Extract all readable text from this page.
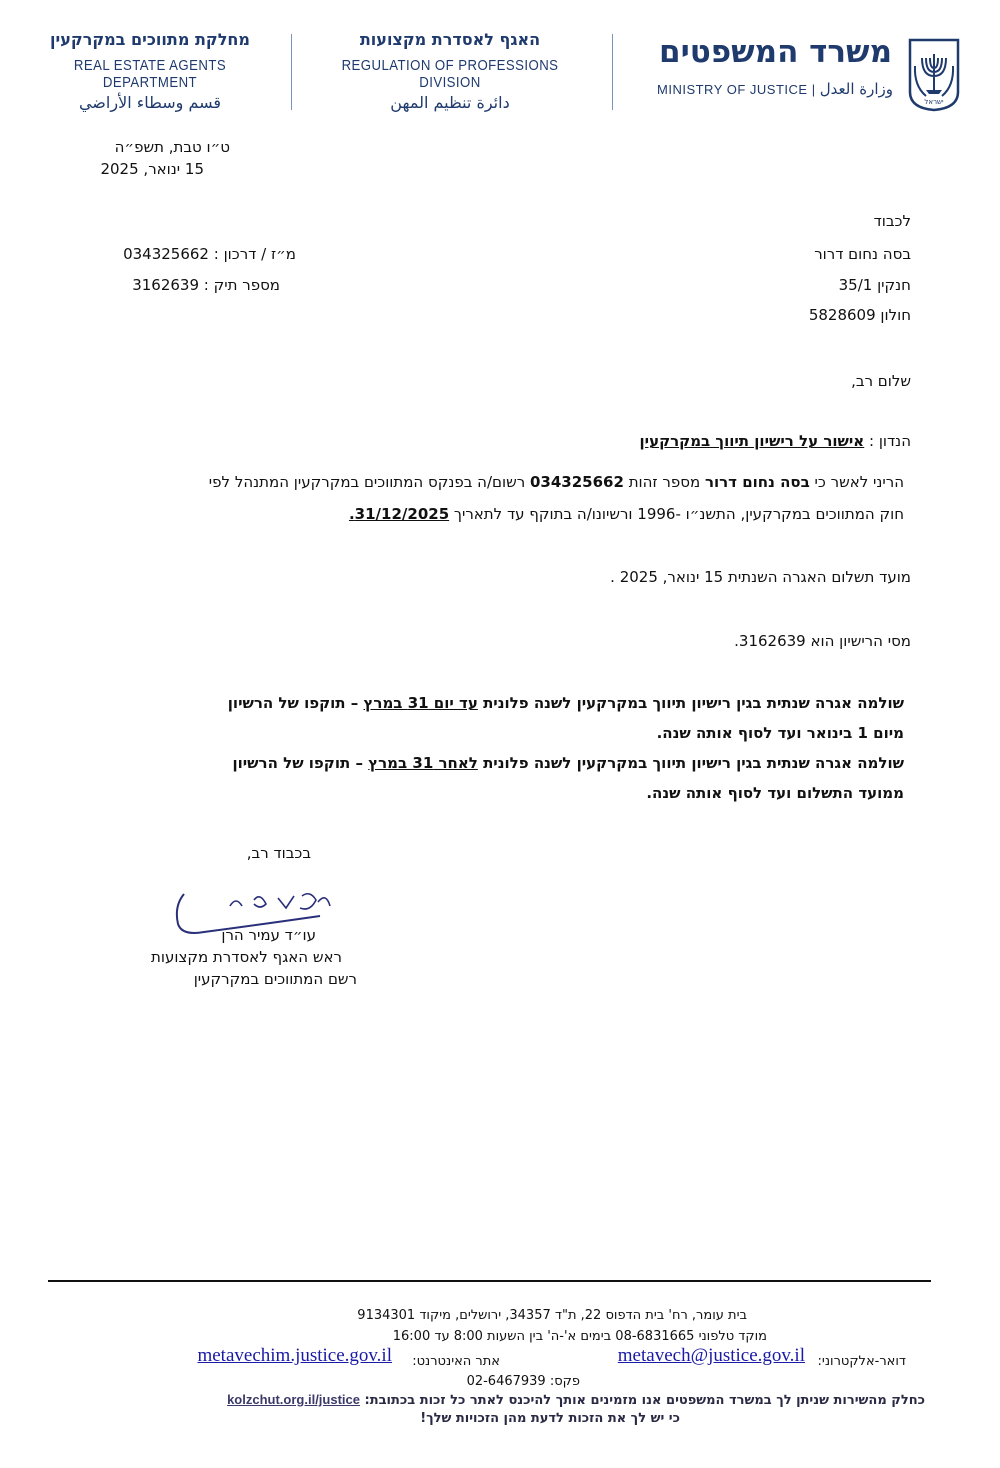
מחלקת מתווכים במקרקעין
REAL ESTATE AGENTS DEPARTMENT
قسم وسطاء الأراضي
האגף לאסדרת מקצועות
REGULATION OF PROFESSIONS DIVISION
دائرة تنظيم المهن
משרד המשפטים
MINISTRY OF JUSTICE | وزارة العدل
ישראל
ט״ו טבת, תשפ״ה
15 ינואר, 2025
לכבוד
בסה נחום דרור
חנקין 35/1
חולון 5828609
מ״ז / דרכון : 034325662
מספר תיק : 3162639
שלום רב,
הנדון : אישור על רישיון תיווך במקרקעין
הריני לאשר כי בסה נחום דרור מספר זהות 034325662 רשום/ה בפנקס המתווכים במקרקעין המתנהל לפי
חוק המתווכים במקרקעין, התשנ״ו -1996 ורשיונו/ה בתוקף עד לתאריך 31/12/2025.
מועד תשלום האגרה השנתית 15 ינואר, 2025 .
מסי הרישיון הוא 3162639.
שולמה אגרה שנתית בגין רישיון תיווך במקרקעין לשנה פלונית עד יום 31 במרץ – תוקפו של הרשיון
מיום 1 בינואר ועד לסוף אותה שנה.
שולמה אגרה שנתית בגין רישיון תיווך במקרקעין לשנה פלונית לאחר 31 במרץ – תוקפו של הרשיון
ממועד התשלום ועד לסוף אותה שנה.
בכבוד רב,
עו״ד עמיר הרן
ראש האגף לאסדרת מקצועות
רשם המתווכים במקרקעין
בית עומר, רח' בית הדפוס 22, ת"ד 34357, ירושלים, מיקוד 9134301
מוקד טלפוני 08-6831665 בימים א'-ה' בין השעות 8:00 עד 16:00
דואר-אלקטרוני:
metavech@justice.gov.il
אתר האינטרנט:
metavechim.justice.gov.il
פקס: 02-6467939
כחלק מהשירות שניתן לך במשרד המשפטים אנו מזמינים אותך להיכנס לאתר כל זכות בכתובת: kolzchut.org.il/justice
כי יש לך את הזכות לדעת מהן הזכויות שלך!
